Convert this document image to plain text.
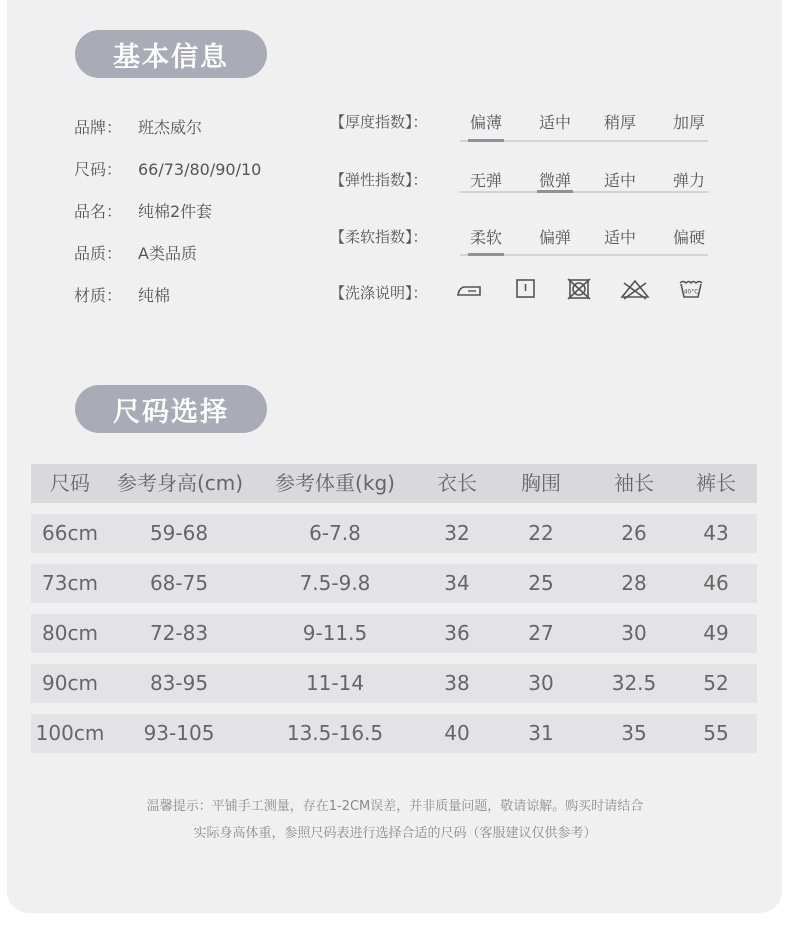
基本信息
尺码选择
品牌： 班杰威尔
尺码： 66/73/80/90/10
品名： 纯棉2件套
品质： A类品质
材质： 纯棉
【厚度指数】：	偏薄	适中	稍厚	加厚
【弹性指数】：	无弹	微弹	适中	弹力
【柔软指数】：	柔软	偏弹	适中	偏硬
【洗涤说明】：	40°C
尺码 参考身高(cm) 参考体重(kg) 衣长 胸围	袖长 裤长
66cm	59-68	6-7.8	32	22	26	43
73cm	68-75	7.5-9.8	34	25	28	46
80cm	72-83	9-11.5	36	27	30	49
90cm	83-95	11-14	38	30	32.5 52
100cm 93-105	13.5-16.5	40	31	35	55
温馨提示：平铺手工测量，存在1-2CM误差，并非质量问题，敬请谅解。购买时请结合
实际身高体重，参照尺码表进行选择合适的尺码（客服建议仅供参考）
